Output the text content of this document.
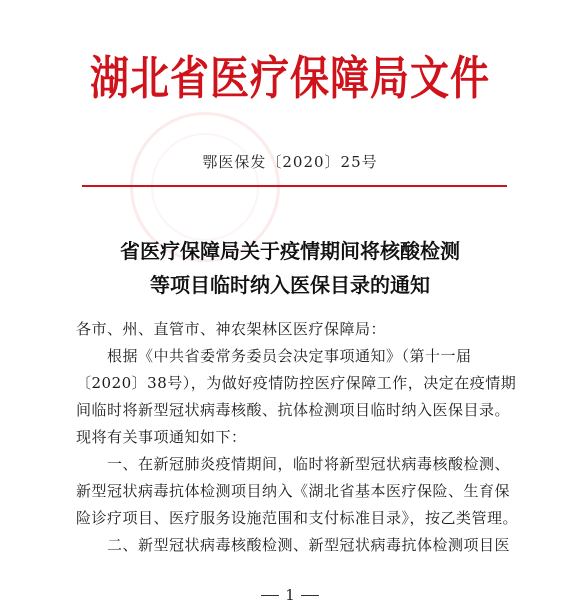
湖北省医疗保障局文件
鄂医保发〔2020〕25号
省医疗保障局关于疫情期间将核酸检测
等项目临时纳入医保目录的通知

各市、州、直管市、神农架林区医疗保障局：

根据《中共省委常务委员会决定事项通知》（第十一届〔2020〕38号），为做好疫情防控医疗保障工作，决定在疫情期间临时将新型冠状病毒核酸、抗体检测项目临时纳入医保目录。现将有关事项通知如下：

一、在新冠肺炎疫情期间，临时将新型冠状病毒核酸检测、新型冠状病毒抗体检测项目纳入《湖北省基本医疗保险、生育保险诊疗项目、医疗服务设施范围和支付标准目录》，按乙类管理。

二、新型冠状病毒核酸检测、新型冠状病毒抗体检测项目医

1
